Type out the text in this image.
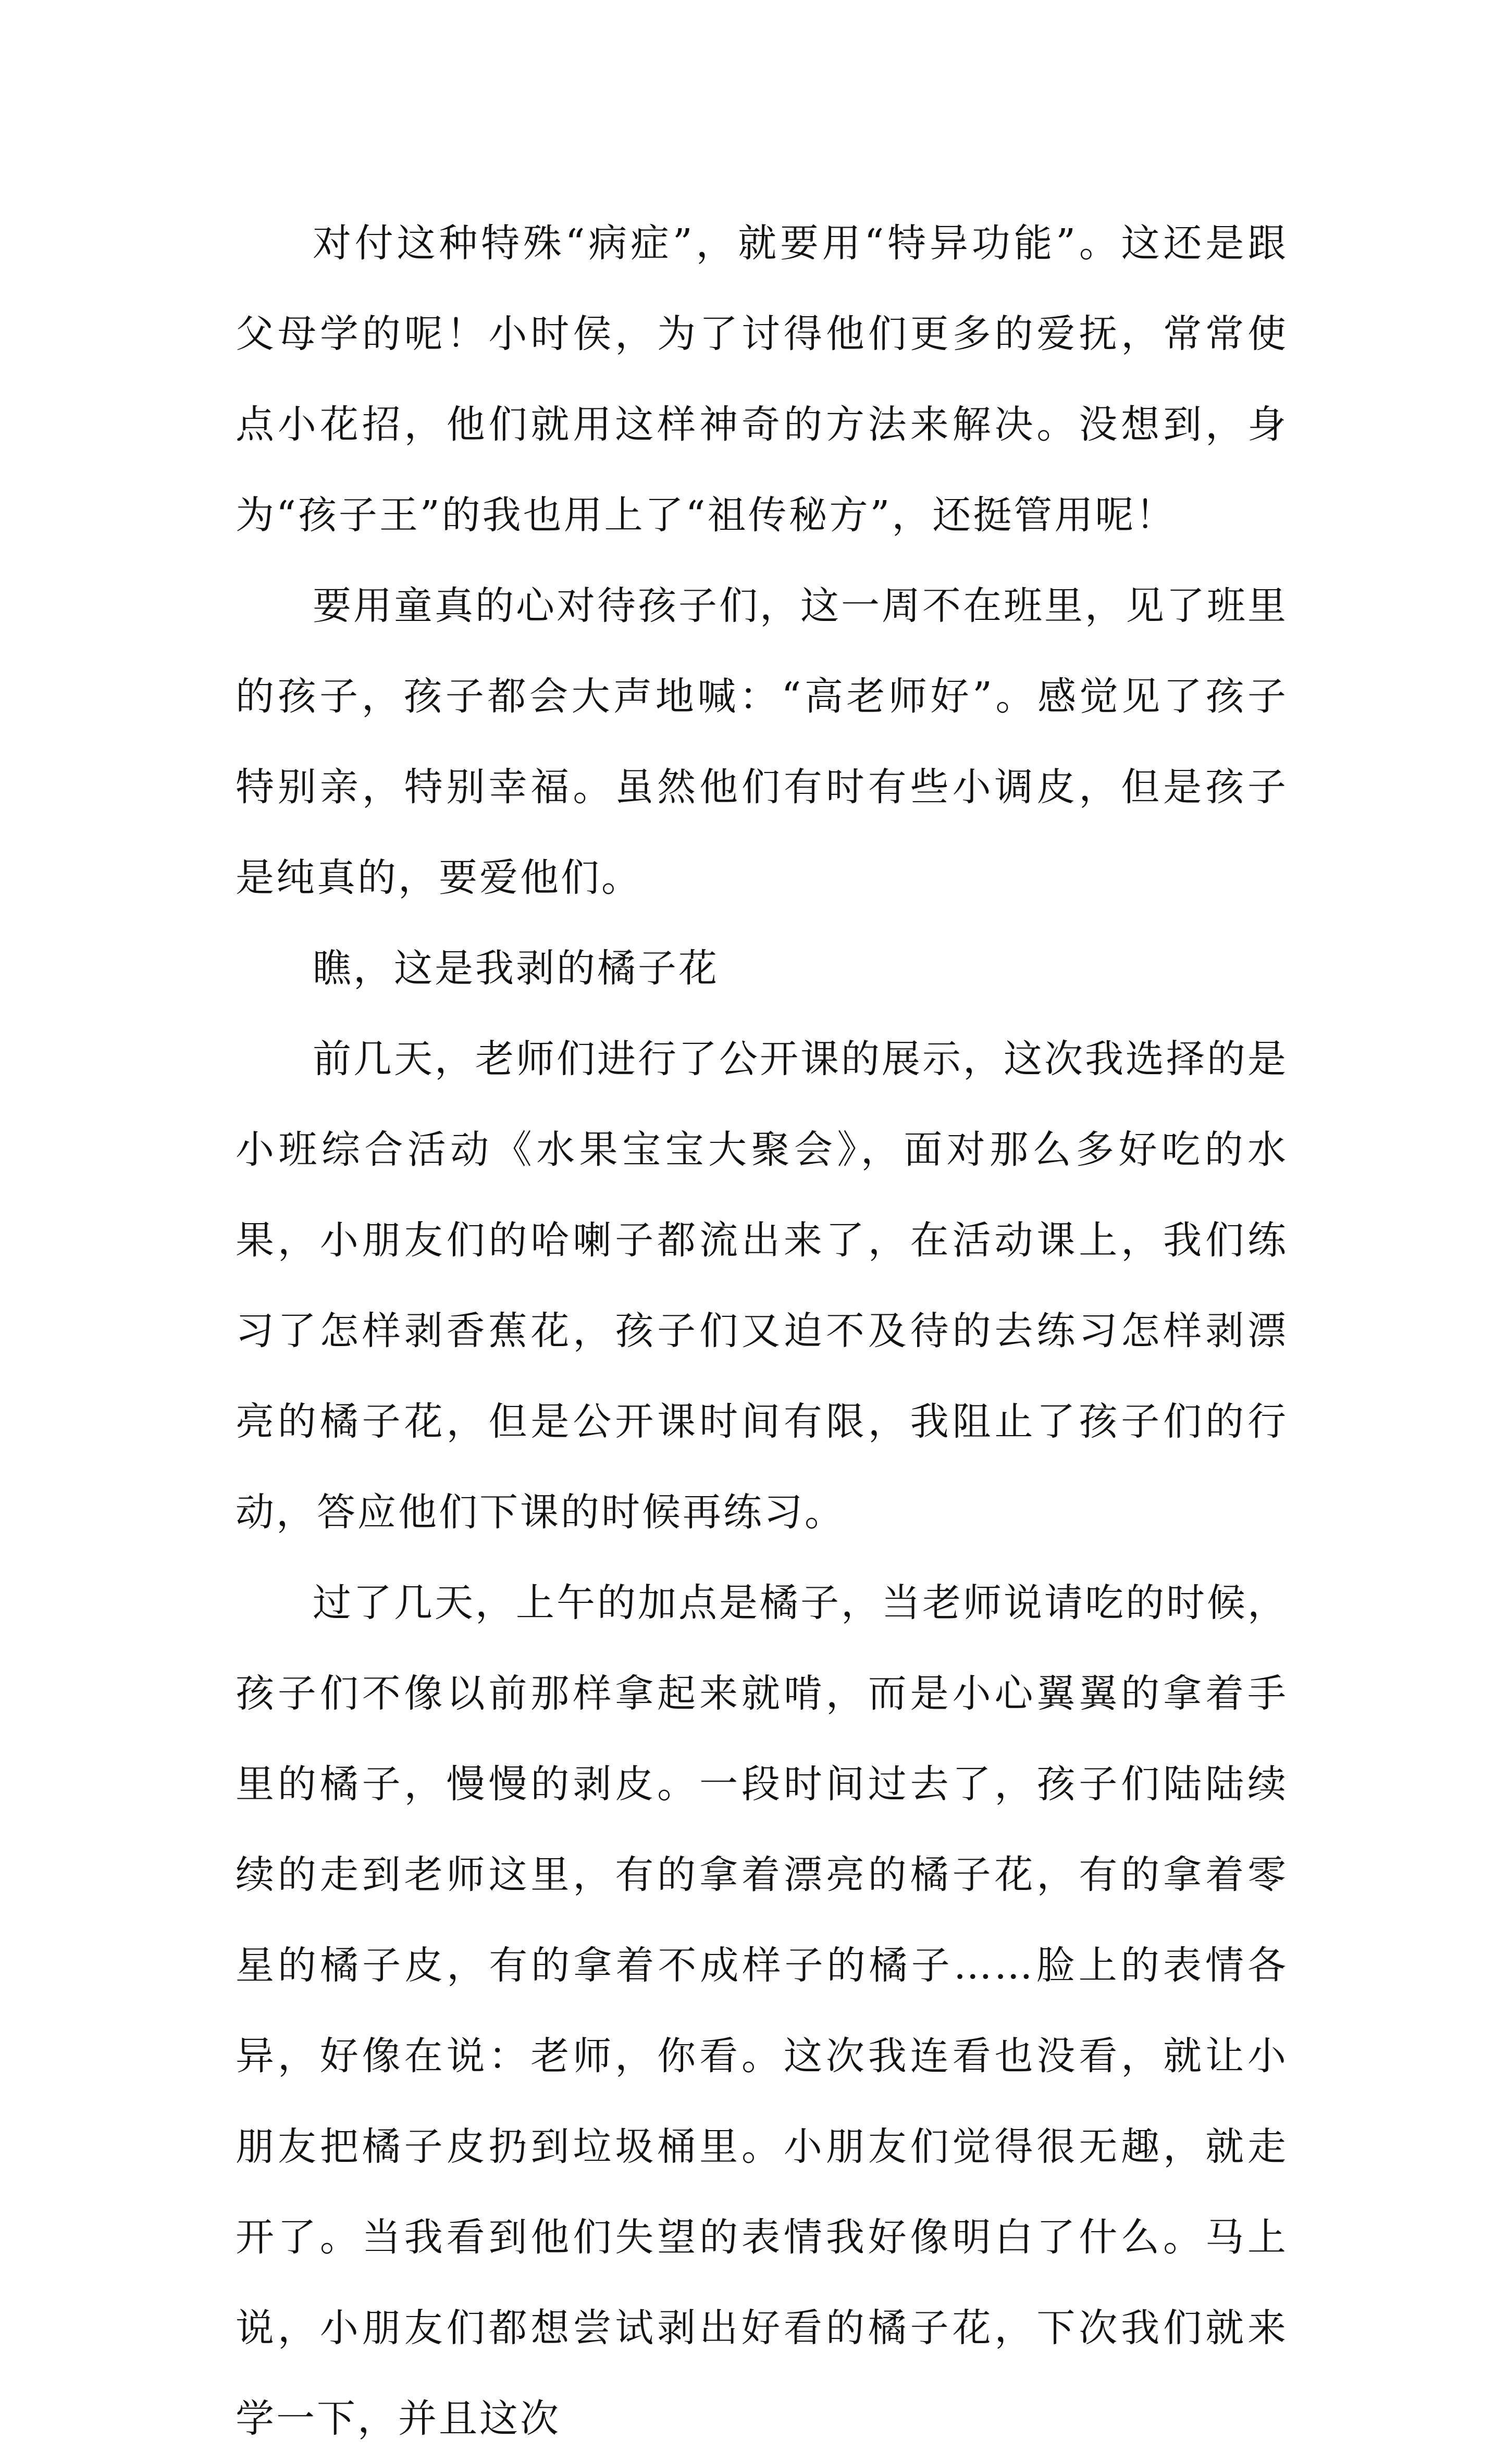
对付这种特殊“病症”，就要用“特异功能”。这还是跟父母学的呢！小时侯，为了讨得他们更多的爱抚，常常使点小花招，他们就用这样神奇的方法来解决。没想到，身为“孩子王”的我也用上了“祖传秘方”，还挺管用呢！

要用童真的心对待孩子们，这一周不在班里，见了班里的孩子，孩子都会大声地喊：“高老师好”。感觉见了孩子特别亲，特别幸福。虽然他们有时有些小调皮，但是孩子是纯真的，要爱他们。

瞧，这是我剥的橘子花

前几天，老师们进行了公开课的展示，这次我选择的是小班综合活动《水果宝宝大聚会》，面对那么多好吃的水果，小朋友们的哈喇子都流出来了，在活动课上，我们练习了怎样剥香蕉花，孩子们又迫不及待的去练习怎样剥漂亮的橘子花，但是公开课时间有限，我阻止了孩子们的行动，答应他们下课的时候再练习。

过了几天，上午的加点是橘子，当老师说请吃的时候，孩子们不像以前那样拿起来就啃，而是小心翼翼的拿着手里的橘子，慢慢的剥皮。一段时间过去了，孩子们陆陆续续的走到老师这里，有的拿着漂亮的橘子花，有的拿着零星的橘子皮，有的拿着不成样子的橘子……脸上的表情各异，好像在说：老师，你看。这次我连看也没看，就让小朋友把橘子皮扔到垃圾桶里。小朋友们觉得很无趣，就走开了。当我看到他们失望的表情我好像明白了什么。马上说，小朋友们都想尝试剥出好看的橘子花，下次我们就来学一下，并且这次
